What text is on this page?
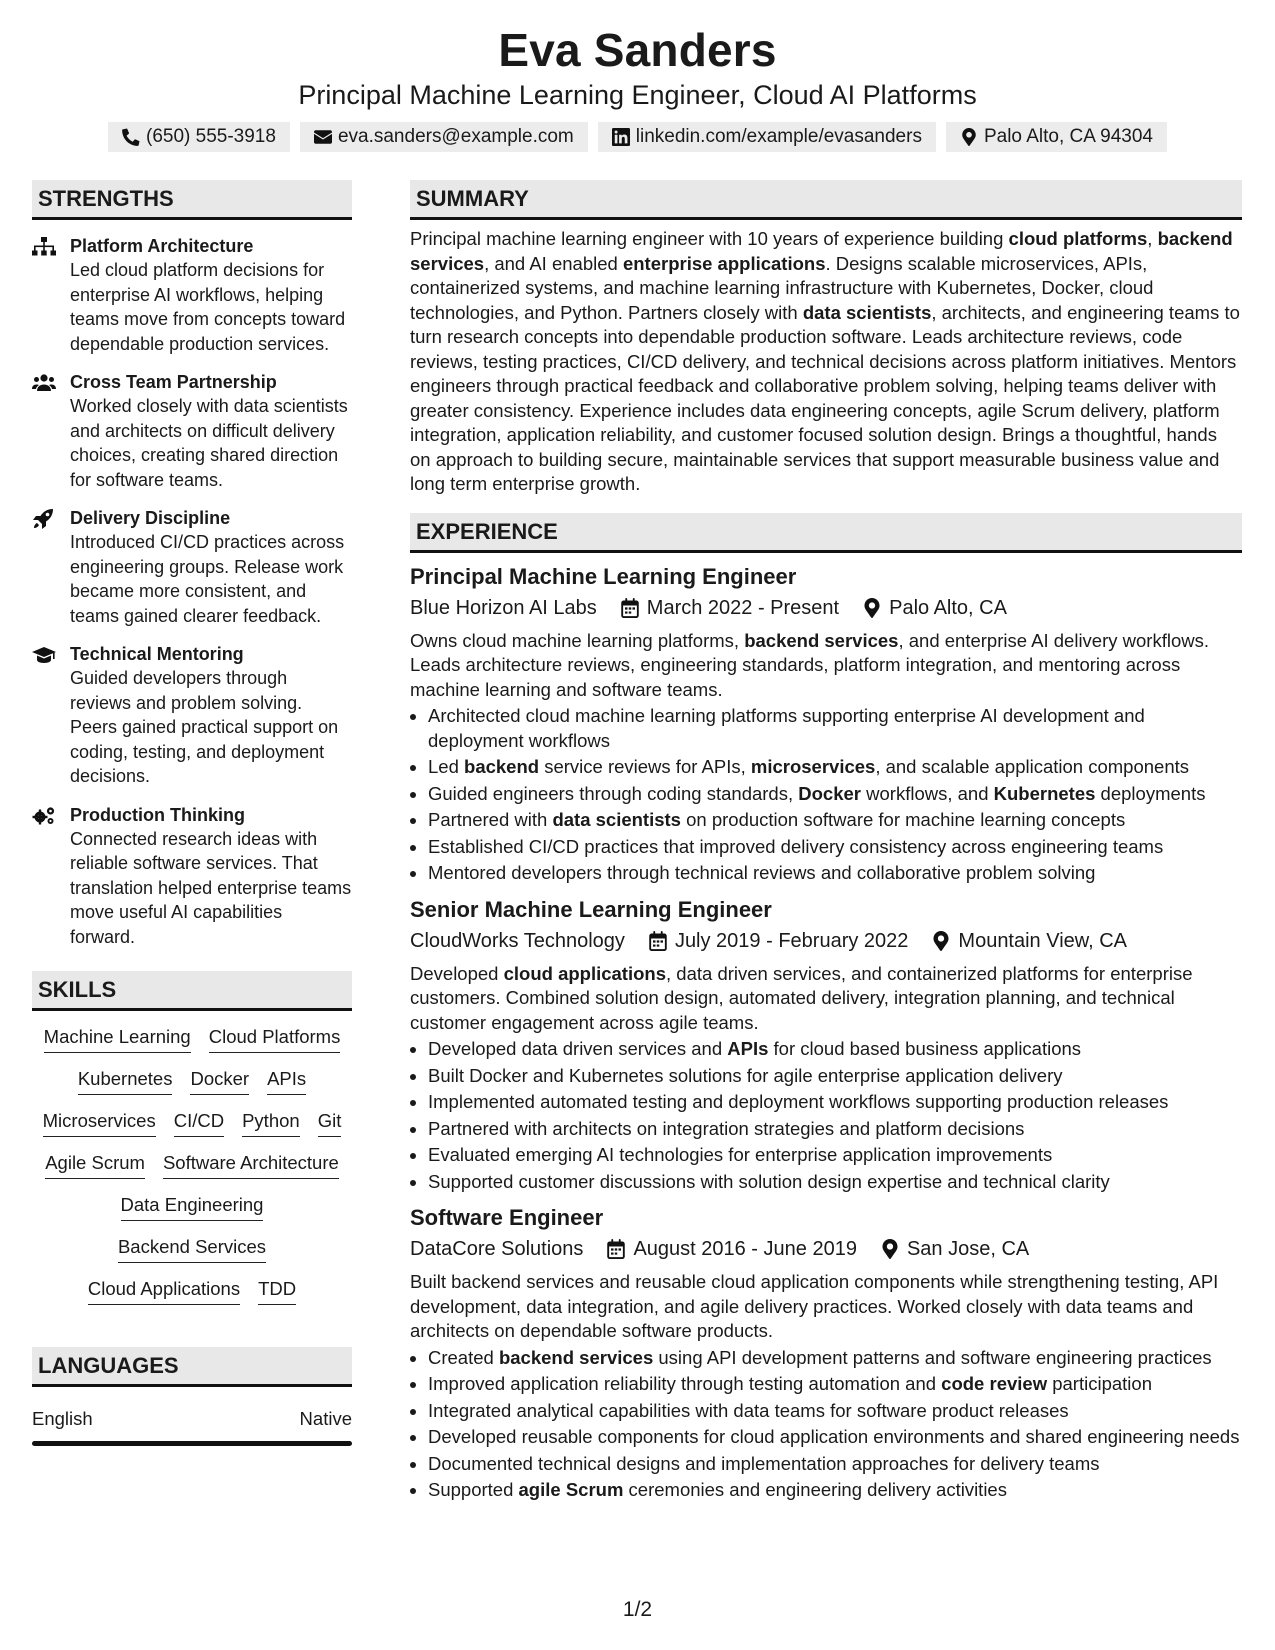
Eva Sanders
Principal Machine Learning Engineer, Cloud AI Platforms
(650) 555-3918	eva.sanders@example.com	linkedin.com/example/evasanders	Palo Alto, CA 94304
STRENGTHS
Platform Architecture
Led cloud platform decisions for enterprise AI workflows, helping teams move from concepts toward dependable production services.
Cross Team Partnership
Worked closely with data scientists and architects on difficult delivery choices, creating shared direction for software teams.
Delivery Discipline
Introduced CI/CD practices across engineering groups. Release work became more consistent, and teams gained clearer feedback.
Technical Mentoring
Guided developers through reviews and problem solving. Peers gained practical support on coding, testing, and deployment decisions.
Production Thinking
Connected research ideas with reliable software services. That translation helped enterprise teams move useful AI capabilities forward.
SKILLS
Machine Learning Cloud Platforms
Kubernetes Docker APIs
Microservices CI/CD Python Git
Agile Scrum Software Architecture
Data Engineering
Backend Services
Cloud Applications TDD
LANGUAGES
English	Native
SUMMARY
Principal machine learning engineer with 10 years of experience building cloud platforms, backend services, and AI enabled enterprise applications. Designs scalable microservices, APIs, containerized systems, and machine learning infrastructure with Kubernetes, Docker, cloud technologies, and Python. Partners closely with data scientists, architects, and engineering teams to turn research concepts into dependable production software. Leads architecture reviews, code reviews, testing practices, CI/CD delivery, and technical decisions across platform initiatives. Mentors engineers through practical feedback and collaborative problem solving, helping teams deliver with greater consistency. Experience includes data engineering concepts, agile Scrum delivery, platform integration, application reliability, and customer focused solution design. Brings a thoughtful, hands on approach to building secure, maintainable services that support measurable business value and long term enterprise growth.
EXPERIENCE
Principal Machine Learning Engineer
Blue Horizon AI Labs	March 2022 - Present	Palo Alto, CA
Owns cloud machine learning platforms, backend services, and enterprise AI delivery workflows. Leads architecture reviews, engineering standards, platform integration, and mentoring across machine learning and software teams.
• Architected cloud machine learning platforms supporting enterprise AI development and deployment workflows
• Led backend service reviews for APIs, microservices, and scalable application components
• Guided engineers through coding standards, Docker workflows, and Kubernetes deployments
• Partnered with data scientists on production software for machine learning concepts
• Established CI/CD practices that improved delivery consistency across engineering teams
• Mentored developers through technical reviews and collaborative problem solving
Senior Machine Learning Engineer
CloudWorks Technology	July 2019 - February 2022	Mountain View, CA
Developed cloud applications, data driven services, and containerized platforms for enterprise customers. Combined solution design, automated delivery, integration planning, and technical customer engagement across agile teams.
• Developed data driven services and APIs for cloud based business applications
• Built Docker and Kubernetes solutions for agile enterprise application delivery
• Implemented automated testing and deployment workflows supporting production releases
• Partnered with architects on integration strategies and platform decisions
• Evaluated emerging AI technologies for enterprise application improvements
• Supported customer discussions with solution design expertise and technical clarity
Software Engineer
DataCore Solutions	August 2016 - June 2019	San Jose, CA
Built backend services and reusable cloud application components while strengthening testing, API development, data integration, and agile delivery practices. Worked closely with data teams and architects on dependable software products.
• Created backend services using API development patterns and software engineering practices
• Improved application reliability through testing automation and code review participation
• Integrated analytical capabilities with data teams for software product releases
• Developed reusable components for cloud application environments and shared engineering needs
• Documented technical designs and implementation approaches for delivery teams
• Supported agile Scrum ceremonies and engineering delivery activities
1/2
